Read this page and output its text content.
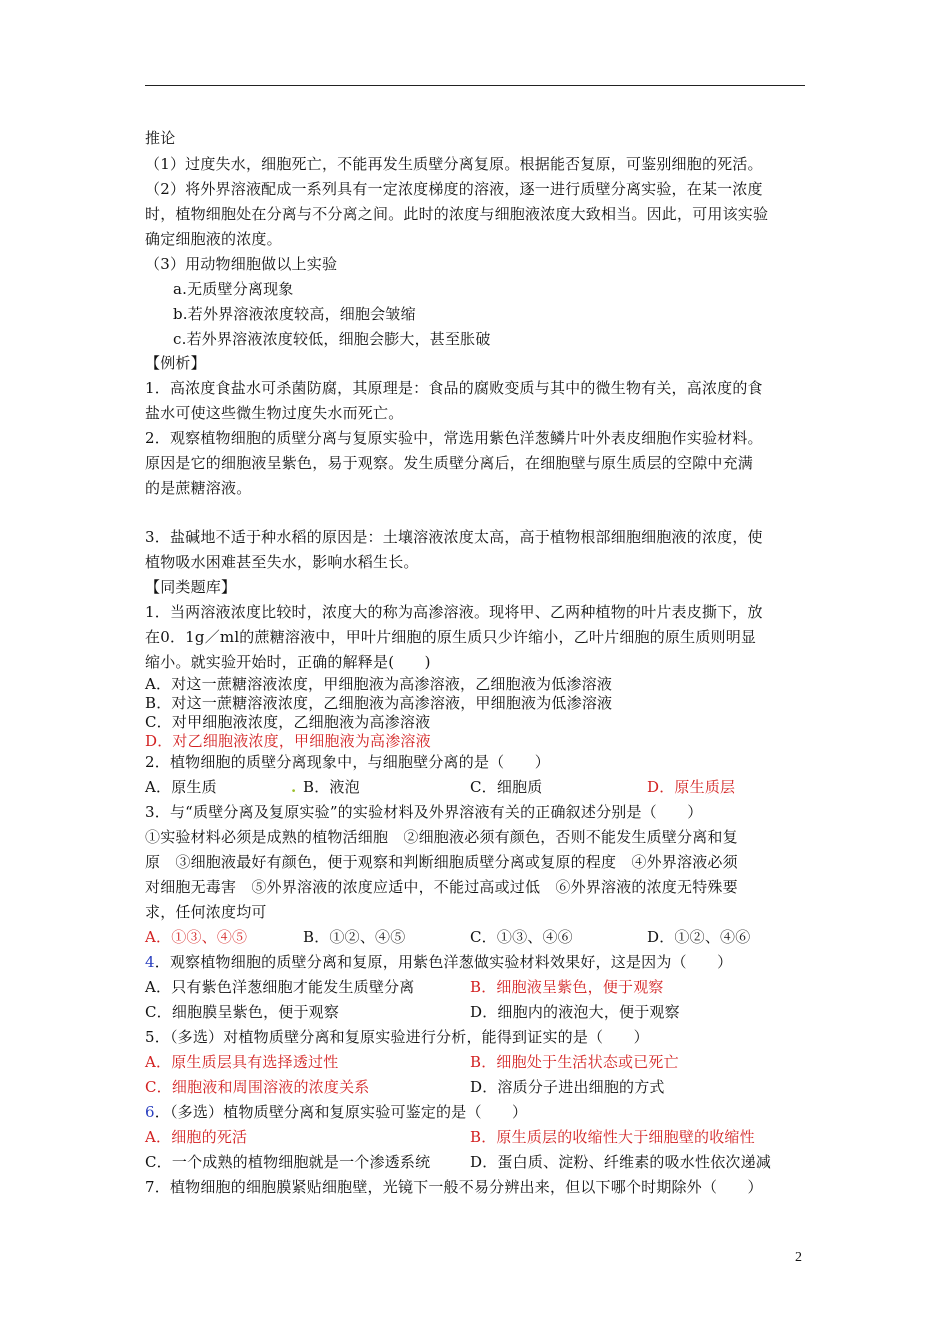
推论
（1）过度失水，细胞死亡，不能再发生质壁分离复原。根据能否复原，可鉴别细胞的死活。
（2）将外界溶液配成一系列具有一定浓度梯度的溶液，逐一进行质壁分离实验，在某一浓度
时，植物细胞处在分离与不分离之间。此时的浓度与细胞液浓度大致相当。因此，可用该实验
确定细胞液的浓度。
（3）用动物细胞做以上实验
a.无质壁分离现象
b.若外界溶液浓度较高，细胞会皱缩
c.若外界溶液浓度较低，细胞会膨大，甚至胀破
【例析】
1．高浓度食盐水可杀菌防腐，其原理是：食品的腐败变质与其中的微生物有关，高浓度的食
盐水可使这些微生物过度失水而死亡。
2．观察植物细胞的质壁分离与复原实验中，常选用紫色洋葱鳞片叶外表皮细胞作实验材料。
原因是它的细胞液呈紫色，易于观察。发生质壁分离后，在细胞壁与原生质层的空隙中充满
的是蔗糖溶液。
3．盐碱地不适于种水稻的原因是：土壤溶液浓度太高，高于植物根部细胞细胞液的浓度，使
植物吸水困难甚至失水，影响水稻生长。
【同类题库】
1．当两溶液浓度比较时，浓度大的称为高渗溶液。现将甲、乙两种植物的叶片表皮撕下，放
在0．1g／ml的蔗糖溶液中，甲叶片细胞的原生质只少许缩小，乙叶片细胞的原生质则明显
缩小。就实验开始时，正确的解释是(　　)
A．对这一蔗糖溶液浓度，甲细胞液为高渗溶液，乙细胞液为低渗溶液
B．对这一蔗糖溶液浓度，乙细胞液为高渗溶液，甲细胞液为低渗溶液
C．对甲细胞液浓度，乙细胞液为高渗溶液
D．对乙细胞液浓度，甲细胞液为高渗溶液
2．植物细胞的质壁分离现象中，与细胞壁分离的是（　　）
A．原生质	. B．液泡	C．细胞质	D．原生质层
3．与“质壁分离及复原实验”的实验材料及外界溶液有关的正确叙述分别是（　　）
①实验材料必须是成熟的植物活细胞　②细胞液必须有颜色，否则不能发生质壁分离和复
原　③细胞液最好有颜色，便于观察和判断细胞质壁分离或复原的程度　④外界溶液必须
对细胞无毒害　⑤外界溶液的浓度应适中，不能过高或过低　⑥外界溶液的浓度无特殊要
求，任何浓度均可
A．①③、④⑤	B．①②、④⑤	C．①③、④⑥	D．①②、④⑥
4．观察植物细胞的质壁分离和复原，用紫色洋葱做实验材料效果好，这是因为（　　）
A．只有紫色洋葱细胞才能发生质壁分离	B．细胞液呈紫色，便于观察
C．细胞膜呈紫色，便于观察	D．细胞内的液泡大，便于观察
5．（多选）对植物质壁分离和复原实验进行分析，能得到证实的是（　　）
A．原生质层具有选择透过性	B．细胞处于生活状态或已死亡
C．细胞液和周围溶液的浓度关系	D．溶质分子进出细胞的方式
6．（多选）植物质壁分离和复原实验可鉴定的是（　　）
A．细胞的死活	B．原生质层的收缩性大于细胞壁的收缩性
C．一个成熟的植物细胞就是一个渗透系统	D．蛋白质、淀粉、纤维素的吸水性依次递减
7．植物细胞的细胞膜紧贴细胞壁，光镜下一般不易分辨出来，但以下哪个时期除外（　　）
2
